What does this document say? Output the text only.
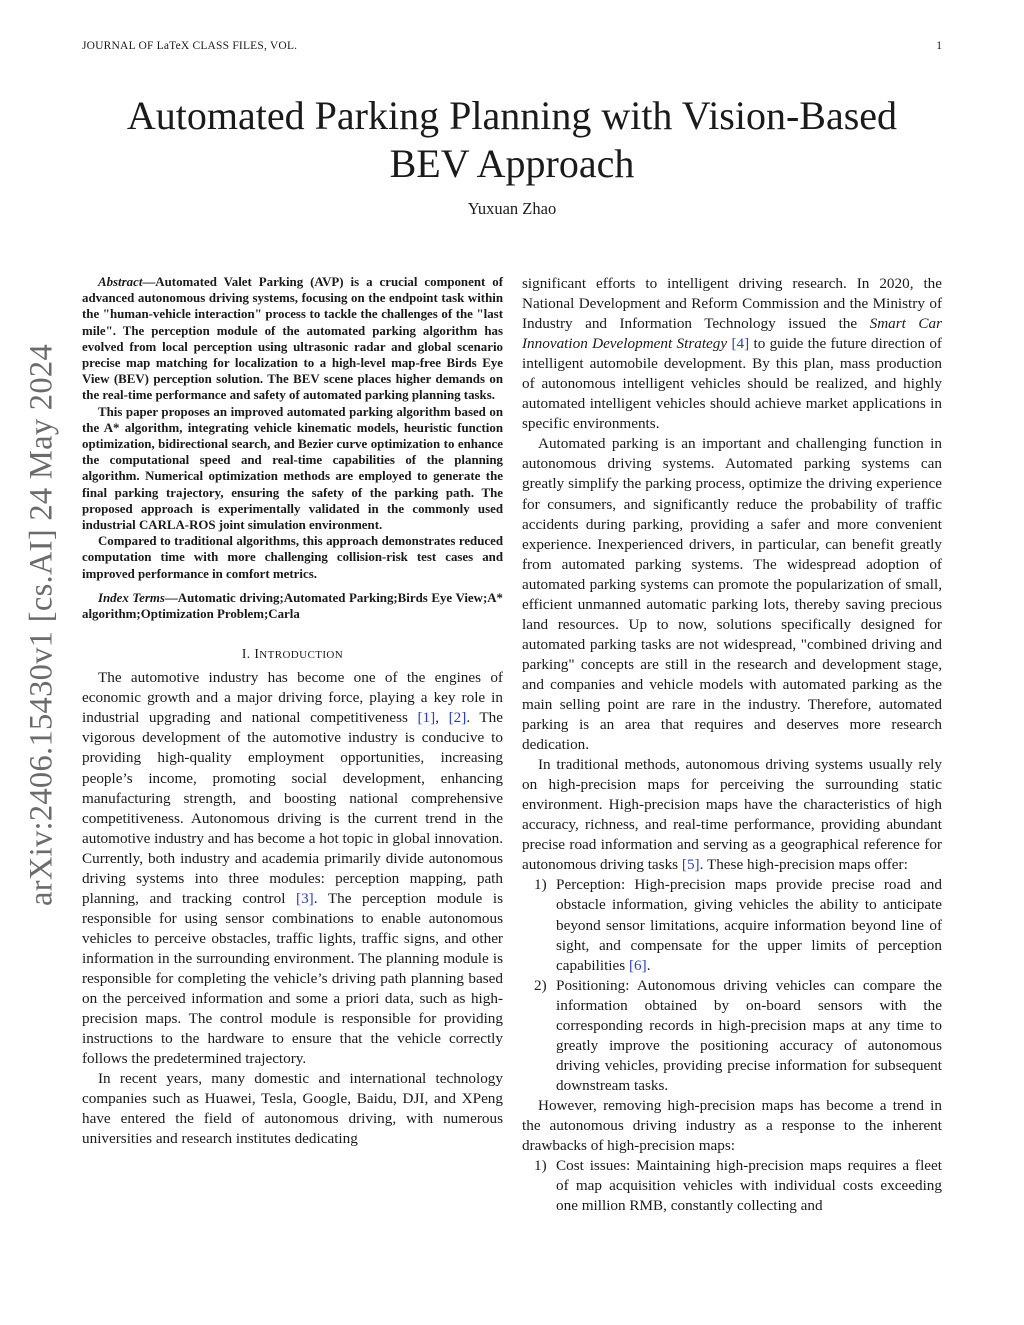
JOURNAL OF LaTeX CLASS FILES, VOL.	1
Automated Parking Planning with Vision-Based BEV Approach
Yuxuan Zhao
arXiv:2406.15430v1 [cs.AI] 24 May 2024

Abstract—Automated Valet Parking (AVP) is a crucial component of advanced autonomous driving systems, focusing on the endpoint task within the "human-vehicle interaction" process to tackle the challenges of the "last mile". The perception module of the automated parking algorithm has evolved from local perception using ultrasonic radar and global scenario precise map matching for localization to a high-level map-free Birds Eye View (BEV) perception solution. The BEV scene places higher demands on the real-time performance and safety of automated parking planning tasks.

This paper proposes an improved automated parking algorithm based on the A* algorithm, integrating vehicle kinematic models, heuristic function optimization, bidirectional search, and Bezier curve optimization to enhance the computational speed and real-time capabilities of the planning algorithm. Numerical optimization methods are employed to generate the final parking trajectory, ensuring the safety of the parking path. The proposed approach is experimentally validated in the commonly used industrial CARLA-ROS joint simulation environment.

Compared to traditional algorithms, this approach demonstrates reduced computation time with more challenging collision-risk test cases and improved performance in comfort metrics.

Index Terms—Automatic driving;Automated Parking;Birds Eye View;A* algorithm;Optimization Problem;Carla

I. INTRODUCTION

The automotive industry has become one of the engines of economic growth and a major driving force, playing a key role in industrial upgrading and national competitiveness [1], [2]. The vigorous development of the automotive industry is conducive to providing high-quality employment opportunities, increasing people’s income, promoting social development, enhancing manufacturing strength, and boosting national comprehensive competitiveness. Autonomous driving is the current trend in the automotive industry and has become a hot topic in global innovation. Currently, both industry and academia primarily divide autonomous driving systems into three modules: perception mapping, path planning, and tracking control [3]. The perception module is responsible for using sensor combinations to enable autonomous vehicles to perceive obstacles, traffic lights, traffic signs, and other information in the surrounding environment. The planning module is responsible for completing the vehicle’s driving path planning based on the perceived information and some a priori data, such as high-precision maps. The control module is responsible for providing instructions to the hardware to ensure that the vehicle correctly follows the predetermined trajectory.

In recent years, many domestic and international technology companies such as Huawei, Tesla, Google, Baidu, DJI, and XPeng have entered the field of autonomous driving, with numerous universities and research institutes dedicating

significant efforts to intelligent driving research. In 2020, the National Development and Reform Commission and the Ministry of Industry and Information Technology issued the Smart Car Innovation Development Strategy [4] to guide the future direction of intelligent automobile development. By this plan, mass production of autonomous intelligent vehicles should be realized, and highly automated intelligent vehicles should achieve market applications in specific environments.

Automated parking is an important and challenging function in autonomous driving systems. Automated parking systems can greatly simplify the parking process, optimize the driving experience for consumers, and significantly reduce the probability of traffic accidents during parking, providing a safer and more convenient experience. Inexperienced drivers, in particular, can benefit greatly from automated parking systems. The widespread adoption of automated parking systems can promote the popularization of small, efficient unmanned automatic parking lots, thereby saving precious land resources. Up to now, solutions specifically designed for automated parking tasks are not widespread, "combined driving and parking" concepts are still in the research and development stage, and companies and vehicle models with automated parking as the main selling point are rare in the industry. Therefore, automated parking is an area that requires and deserves more research dedication.

In traditional methods, autonomous driving systems usually rely on high-precision maps for perceiving the surrounding static environment. High-precision maps have the characteristics of high accuracy, richness, and real-time performance, providing abundant precise road information and serving as a geographical reference for autonomous driving tasks [5]. These high-precision maps offer:

1) Perception: High-precision maps provide precise road and obstacle information, giving vehicles the ability to anticipate beyond sensor limitations, acquire information beyond line of sight, and compensate for the upper limits of perception capabilities [6].
2) Positioning: Autonomous driving vehicles can compare the information obtained by on-board sensors with the corresponding records in high-precision maps at any time to greatly improve the positioning accuracy of autonomous driving vehicles, providing precise information for subsequent downstream tasks.

However, removing high-precision maps has become a trend in the autonomous driving industry as a response to the inherent drawbacks of high-precision maps:

1) Cost issues: Maintaining high-precision maps requires a fleet of map acquisition vehicles with individual costs exceeding one million RMB, constantly collecting and
